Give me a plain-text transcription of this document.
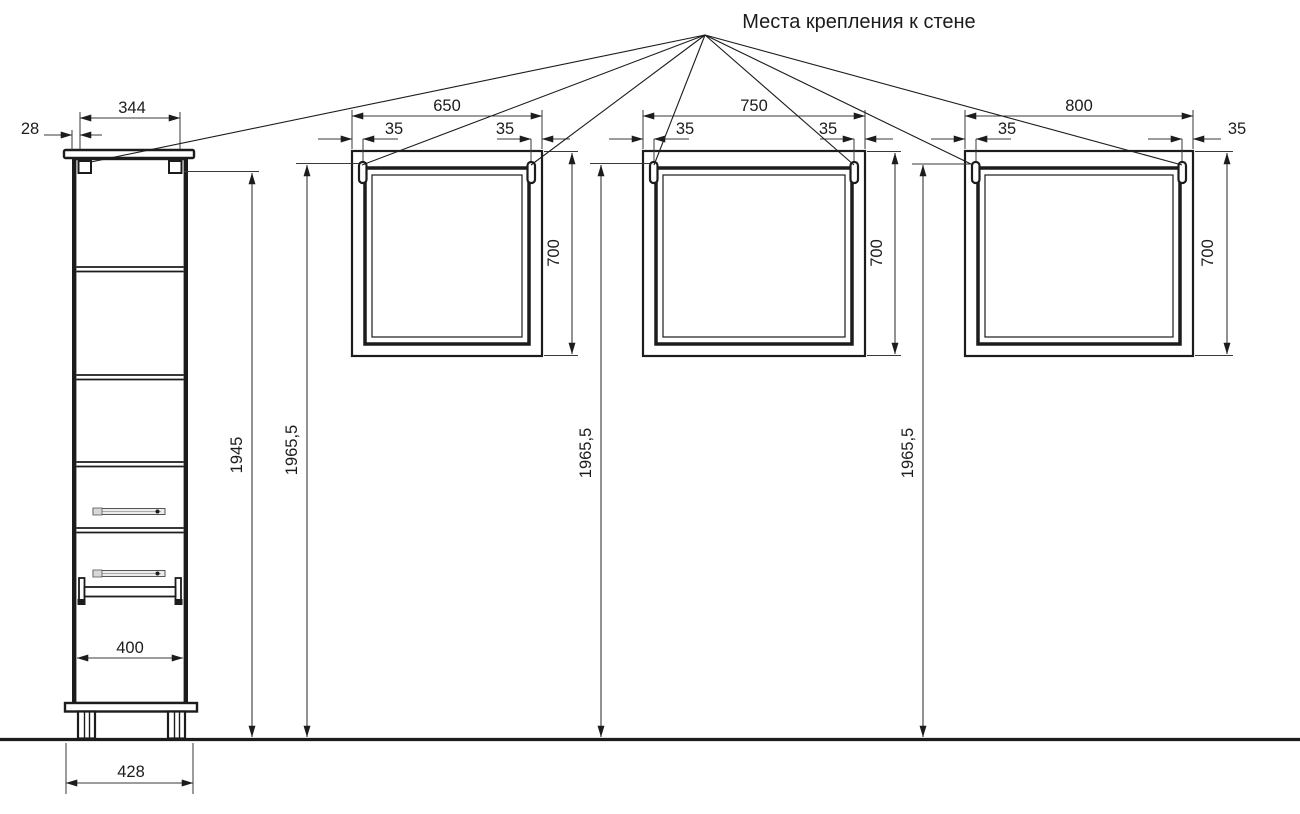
344
28
1945
400
428
650
35	35
700
1965,5
750
35	35
700
1965,5
800
35	35
700
1965,5
Места крепления к стене
